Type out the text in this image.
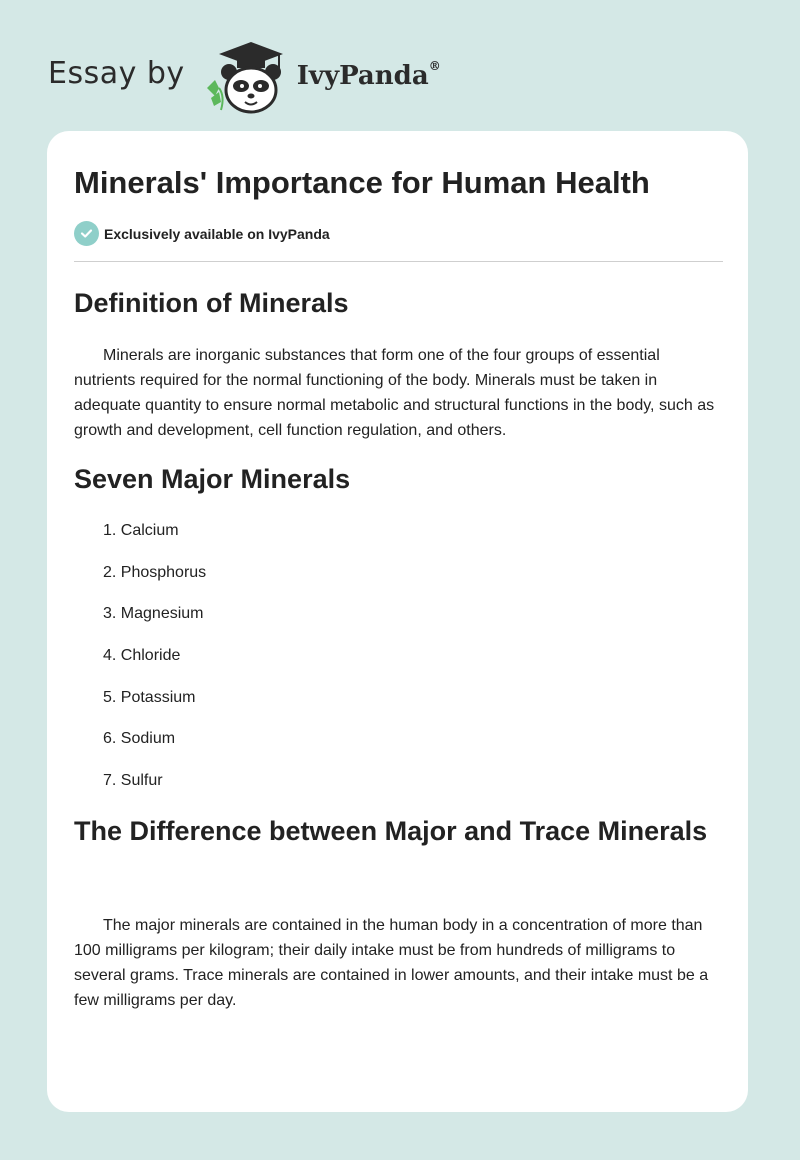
Essay by	IvyPanda®
Minerals' Importance for Human Health
Exclusively available on IvyPanda
Definition of Minerals

Minerals are inorganic substances that form one of the four groups of essential nutrients required for the normal functioning of the body. Minerals must be taken in adequate quantity to ensure normal metabolic and structural functions in the body, such as growth and development, cell function regulation, and others.

Seven Major Minerals
1. Calcium
2. Phosphorus
3. Magnesium
4. Chloride
5. Potassium
6. Sodium
7. Sulfur
The Difference between Major and Trace Minerals

The major minerals are contained in the human body in a concentration of more than 100 milligrams per kilogram; their daily intake must be from hundreds of milligrams to several grams. Trace minerals are contained in lower amounts, and their intake must be a few milligrams per day.
